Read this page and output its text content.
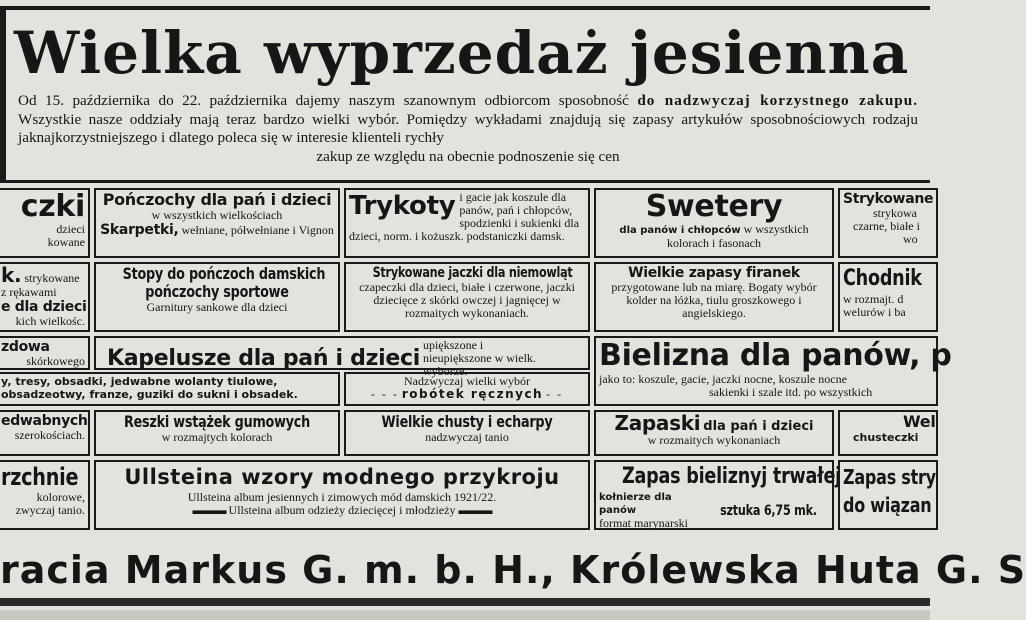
Wielka wyprzedaż jesienna
Od 15. października do 22. października dajemy naszym szanownym odbiorcom sposobność do nadzwyczaj korzystnego zakupu. Wszystkie nasze oddziały mają teraz bardzo wielki wybór. Pomiędzy wykładami znajdują się zapasy artykułów sposobnościowych rodzaju jaknajkorzystniejszego i dlatego poleca się w interesie klienteli rychły
zakup ze względu na obecnie podnoszenie się cen
czki
dzieci
kowane
Pończochy dla pań i dzieci
w wszystkich wielkościach
Skarpetki, wełniane, półwełniane i Vignon
Trykoty i gacie jak koszule dla panów, pań i chłopców, spodzienki i sukienki dla dzieci, norm. i kożuszk. podstaniczki damsk.
Swetery
dla panów i chłopców w wszystkich kolorach i fasonach
Strykowane
strykowa
czarne, białe i
wo
k. strykowane z rękawami
e dla dzieci
kich wielkośc.
Stopy do pończoch damskich
pończochy sportowe
Garnitury sankowe dla dzieci
Strykowane jaczki dla niemowląt
czapeczki dla dzieci, białe i czerwone, jaczki dziecięce z skórki owczej i jagnięcej w rozmaitych wykonaniach.
Wielkie zapasy firanek
przygotowane lub na miarę. Bogaty wybór kolder na łóżka, tiulu groszkowego i angielskiego.
Chodnik
w rozmajt. d
welurów i ba
zdowa
skórkowego	Kapelusze dla pań i dzieci upiększone i nieupiększone w wielk. wyborze.	Bielizna dla panów, p
jako to: koszule, gacie, jaczki nocne, koszule nocne
sakienki i szale itd. po wszystkich
y, tresy, obsadki, jedwabne wolanty tiulowe, obsadzeotwy, franze, guziki do sukni i obsadek.
Nadzwyczaj wielki wybór
- - - robótek ręcznych - -
edwabnych
szerokościach.
Reszki wstążek gumowych
w rozmajtych kolorach
Wielkie chusty i echarpy
nadzwyczaj tanio
Zapaski dla pań i dzieci
w rozmaitych wykonaniach
Wel
chusteczki
rzchnie
kolorowe,
zwyczaj tanio.
Ullsteina wzory modnego przykroju
Ullsteina album jesiennych i zimowych mód damskich 1921/22.
▬▬▬ Ullsteina album odzieży dziecięcej i młodzieży ▬▬▬
Zapas bieliznyj trwałej
kołnierze dla panów
format marynarski
sztuka 6,75 mk.
Zapas stry
do wiązan
racia Markus G. m. b. H., Królewska Huta G. S
